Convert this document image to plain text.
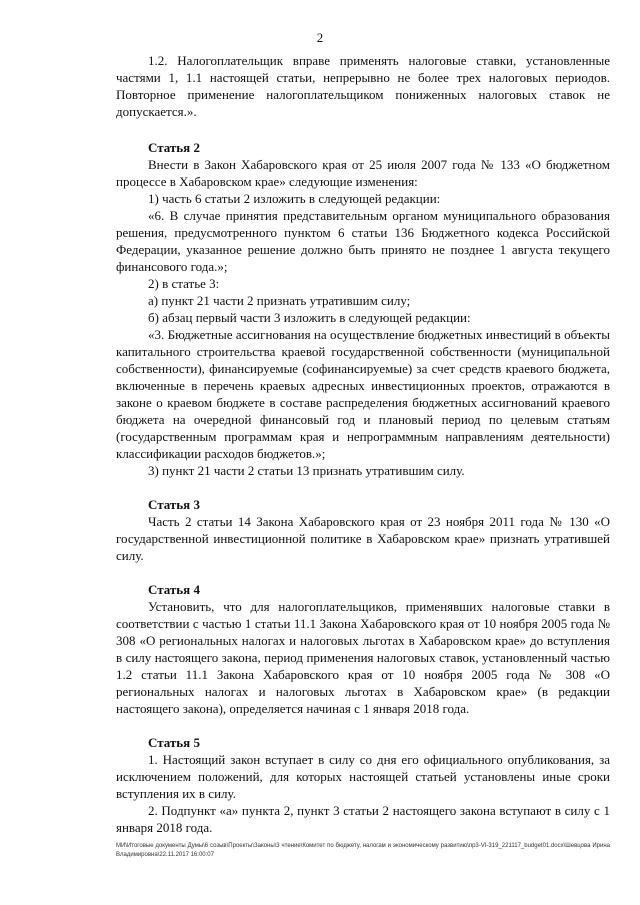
2

1.2. Налогоплательщик вправе применять налоговые ставки, установленные частями 1, 1.1 настоящей статьи, непрерывно не более трех налоговых периодов. Повторное применение налогоплательщиком пониженных налоговых ставок не допускается.».

Статья 2

Внести в Закон Хабаровского края от 25 июля 2007 года № 133 «О бюджетном процессе в Хабаровском крае» следующие изменения:

1) часть 6 статьи 2 изложить в следующей редакции:

«6. В случае принятия представительным органом муниципального образования решения, предусмотренного пунктом 6 статьи 136 Бюджетного кодекса Российской Федерации, указанное решение должно быть принято не позднее 1 августа текущего финансового года.»;

2) в статье 3:

а) пункт 21 части 2 признать утратившим силу;

б) абзац первый части 3 изложить в следующей редакции:

«3. Бюджетные ассигнования на осуществление бюджетных инвестиций в объекты капитального строительства краевой государственной собственности (муниципальной собственности), финансируемые (софинансируемые) за счет средств краевого бюджета, включенные в перечень краевых адресных инвестиционных проектов, отражаются в законе о краевом бюджете в составе распределения бюджетных ассигнований краевого бюджета на очередной финансовый год и плановый период по целевым статьям (государственным программам края и непрограммным направлениям деятельности) классификации расходов бюджетов.»;

3) пункт 21 части 2 статьи 13 признать утратившим силу.

Статья 3

Часть 2 статьи 14 Закона Хабаровского края от 23 ноября 2011 года № 130 «О государственной инвестиционной политике в Хабаровском крае» признать утратившей силу.

Статья 4

Установить, что для налогоплательщиков, применявших налоговые ставки в соответствии с частью 1 статьи 11.1 Закона Хабаровского края от 10 ноября 2005 года № 308 «О региональных налогах и налоговых льготах в Хабаровском крае» до вступления в силу настоящего закона, период применения налоговых ставок, установленный частью 1.2 статьи 11.1 Закона Хабаровского края от 10 ноября 2005 года № 308 «О региональных налогах и налоговых льготах в Хабаровском крае» (в редакции настоящего закона), определяется начиная с 1 января 2018 года.

Статья 5

1. Настоящий закон вступает в силу со дня его официального опубликования, за исключением положений, для которых настоящей статьей установлены иные сроки вступления их в силу.

2. Подпункт «а» пункта 2, пункт 3 статьи 2 настоящего закона вступают в силу с 1 января 2018 года.

МИ\Итоговые документы Думы\6 созыв\Проекты\Законы\3 чтение\Комитет по бюджету, налогам и экономическому развитию\пр3-VI-319_221117_budget01.docx\Шевцова Ирина Владимировна\22.11.2017 16:00:07
